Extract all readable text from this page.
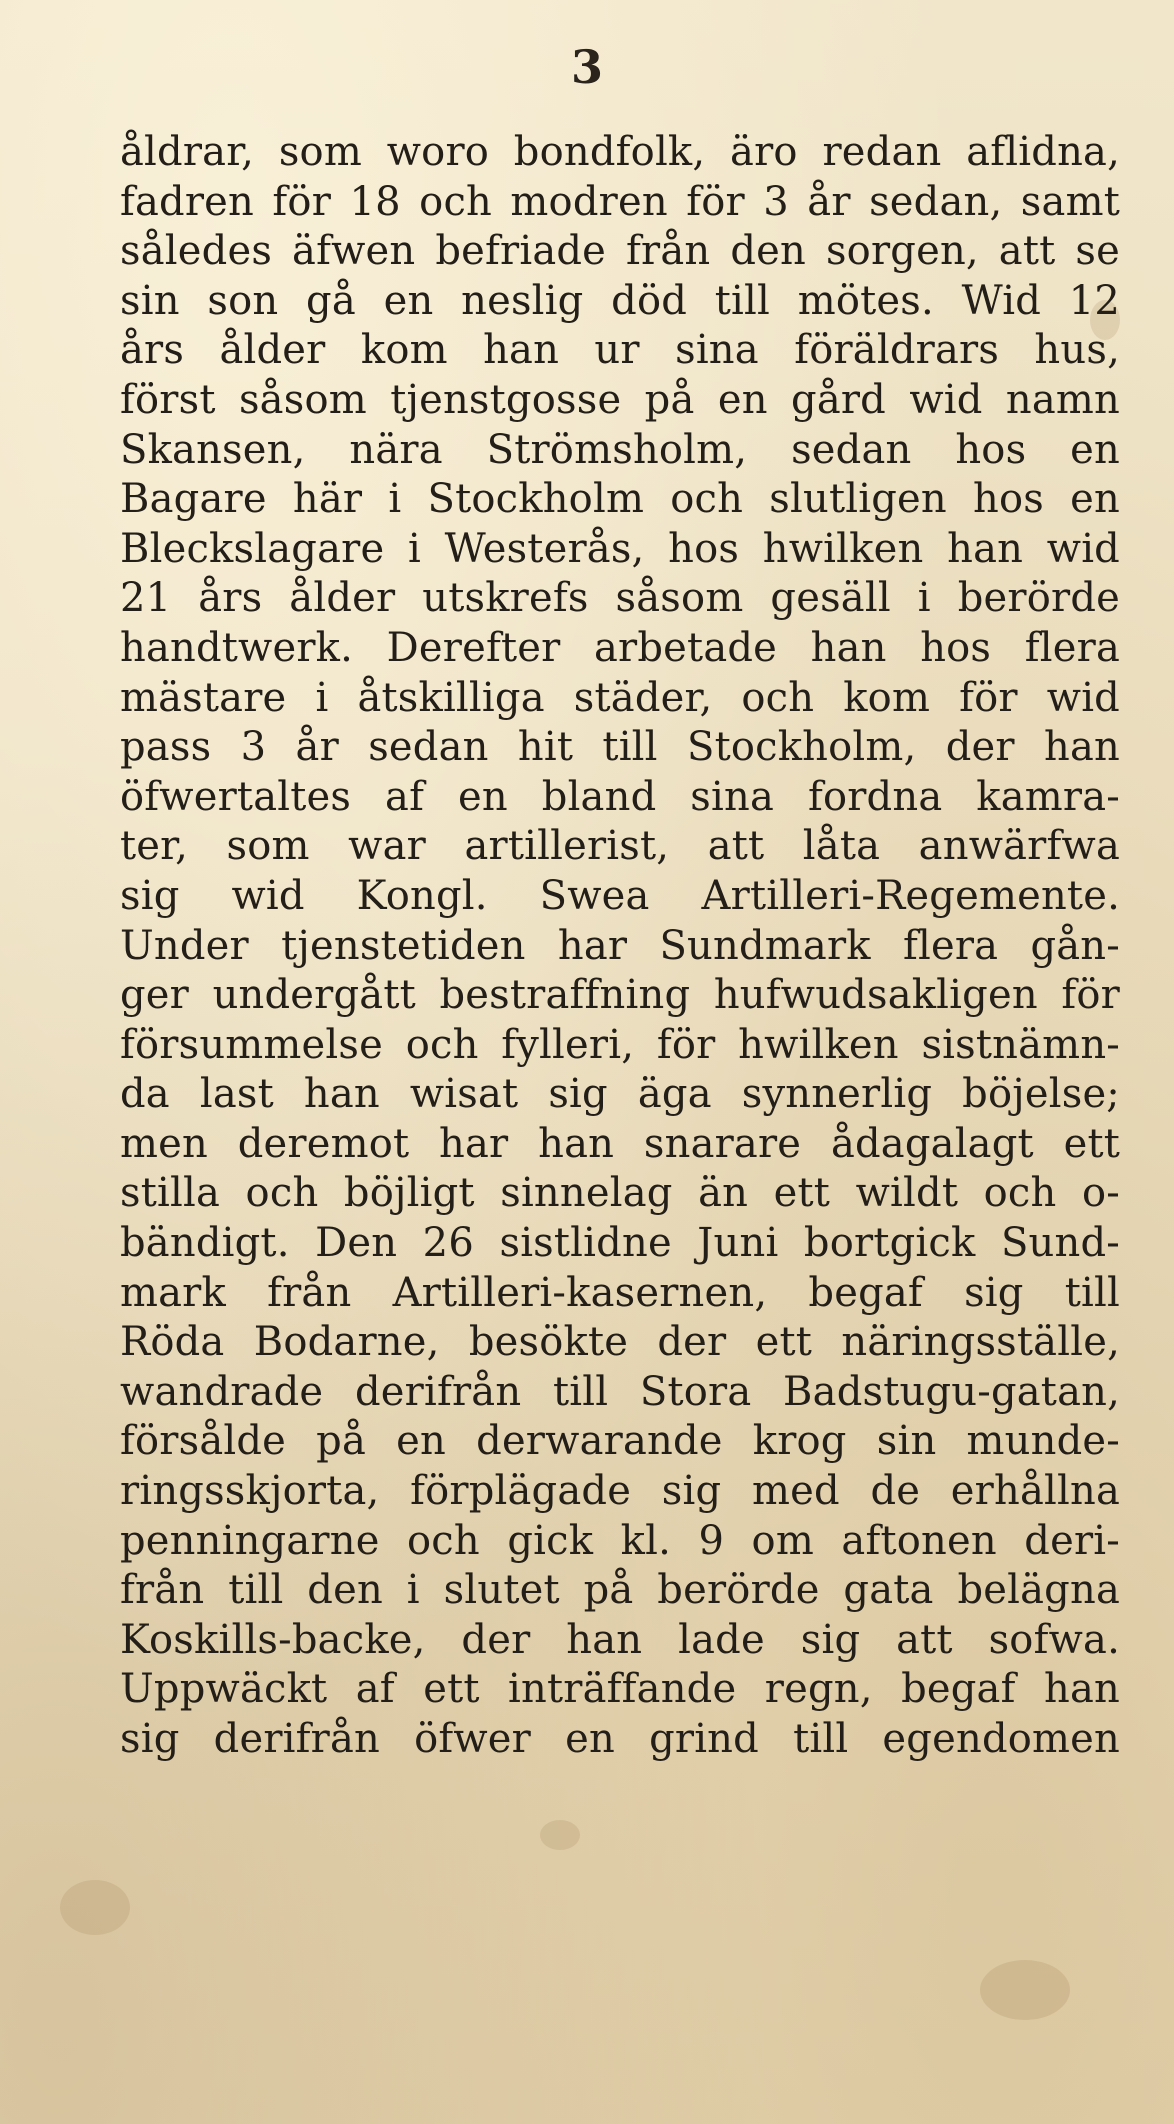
3

åldrar, som woro bondfolk, äro redan aflidna,
fadren för 18 och modren för 3 år sedan, samt
således äfwen befriade från den sorgen, att se
sin son gå en neslig död till mötes. Wid 12
års ålder kom han ur sina föräldrars hus,
först såsom tjenstgosse på en gård wid namn
Skansen, nära Strömsholm, sedan hos en
Bagare här i Stockholm och slutligen hos en
Bleckslagare i Westerås, hos hwilken han wid
21 års ålder utskrefs såsom gesäll i berörde
handtwerk. Derefter arbetade han hos flera
mästare i åtskilliga städer, och kom för wid
pass 3 år sedan hit till Stockholm, der han
öfwertaltes af en bland sina fordna kamra-
ter, som war artillerist, att låta anwärfwa
sig wid Kongl. Swea Artilleri-Regemente.
Under tjenstetiden har Sundmark flera gån-
ger undergått bestraffning hufwudsakligen för
försummelse och fylleri, för hwilken sistnämn-
da last han wisat sig äga synnerlig böjelse;
men deremot har han snarare ådagalagt ett
stilla och böjligt sinnelag än ett wildt och o-
bändigt. Den 26 sistlidne Juni bortgick Sund-
mark från Artilleri-kasernen, begaf sig till
Röda Bodarne, besökte der ett näringsställe,
wandrade derifrån till Stora Badstugu-gatan,
försålde på en derwarande krog sin munde-
ringsskjorta, förplägade sig med de erhållna
penningarne och gick kl. 9 om aftonen deri-
från till den i slutet på berörde gata belägna
Koskills-backe, der han lade sig att sofwa.
Uppwäckt af ett inträffande regn, begaf han
sig derifrån öfwer en grind till egendomen
